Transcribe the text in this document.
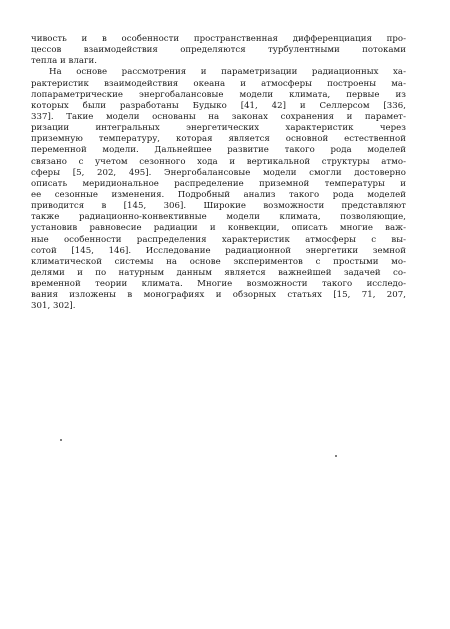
чивость и в особенности пространственная дифференциация про-
цессов взаимодействия определяются турбулентными потоками
тепла и влаги.
На основе рассмотрения и параметризации радиационных ха-
рактеристик взаимодействия океана и атмосферы построены ма-
лопараметрические энергобалансовые модели климата, первые из
которых были разработаны Будыко [41, 42] и Селлерсом [336,
337]. Такие модели основаны на законах сохранения и парамет-
ризации интегральных энергетических характеристик через
приземную температуру, которая является основной естественной
переменной модели. Дальнейшее развитие такого рода моделей
связано с учетом сезонного хода и вертикальной структуры атмо-
сферы [5, 202, 495]. Энергобалансовые модели смогли достоверно
описать меридиональное распределение приземной температуры и
ее сезонные изменения. Подробный анализ такого рода моделей
приводится в [145, 306]. Широкие возможности представляют
также радиационно-конвективные модели климата, позволяющие,
установив равновесие радиации и конвекции, описать многие важ-
ные особенности распределения характеристик атмосферы с вы-
сотой [145, 146]. Исследование радиационной энергетики земной
климатической системы на основе экспериментов с простыми мо-
делями и по натурным данным является важнейшей задачей со-
временной теории климата. Многие возможности такого исследо-
вания изложены в монографиях и обзорных статьях [15, 71, 207,
301, 302].
